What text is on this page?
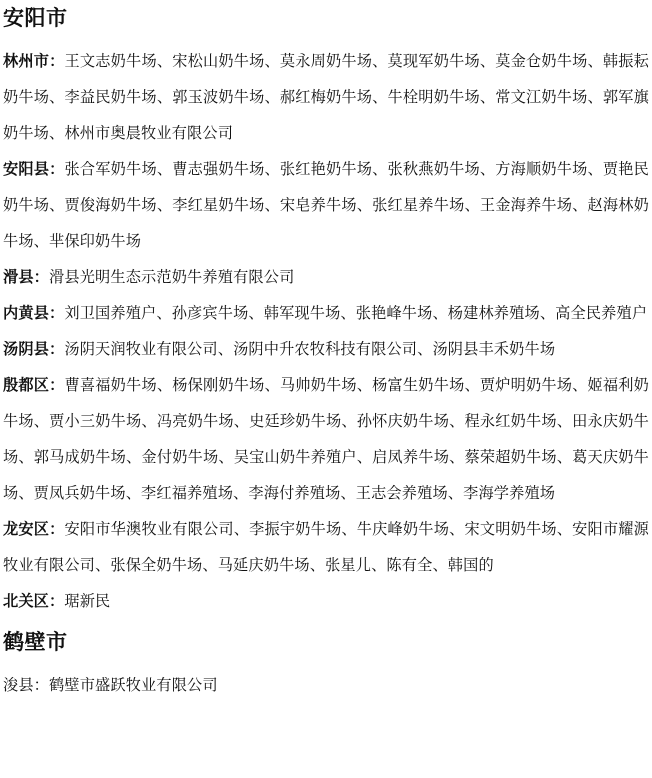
安阳市

林州市：王文志奶牛场、宋松山奶牛场、莫永周奶牛场、莫现军奶牛场、莫金仓奶牛场、韩振耘奶牛场、李益民奶牛场、郭玉波奶牛场、郝红梅奶牛场、牛栓明奶牛场、常文江奶牛场、郭军旗奶牛场、林州市奥晨牧业有限公司

安阳县：张合军奶牛场、曹志强奶牛场、张红艳奶牛场、张秋燕奶牛场、方海顺奶牛场、贾艳民奶牛场、贾俊海奶牛场、李红星奶牛场、宋皂养牛场、张红星养牛场、王金海养牛场、赵海林奶牛场、芈保印奶牛场

滑县：滑县光明生态示范奶牛养殖有限公司

内黄县：刘卫国养殖户、孙彦宾牛场、韩军现牛场、张艳峰牛场、杨建林养殖场、高全民养殖户

汤阴县：汤阴天润牧业有限公司、汤阴中升农牧科技有限公司、汤阴县丰禾奶牛场

殷都区：曹喜福奶牛场、杨保刚奶牛场、马帅奶牛场、杨富生奶牛场、贾炉明奶牛场、姬福利奶牛场、贾小三奶牛场、冯亮奶牛场、史廷珍奶牛场、孙怀庆奶牛场、程永红奶牛场、田永庆奶牛场、郭马成奶牛场、金付奶牛场、吴宝山奶牛养殖户、启凤养牛场、蔡荣超奶牛场、葛天庆奶牛场、贾凤兵奶牛场、李红福养殖场、李海付养殖场、王志会养殖场、李海学养殖场

龙安区：安阳市华澳牧业有限公司、李振宇奶牛场、牛庆峰奶牛场、宋文明奶牛场、安阳市耀源牧业有限公司、张保全奶牛场、马延庆奶牛场、张星儿、陈有全、韩国的

北关区：琚新民

鹤壁市

浚县：鹤壁市盛跃牧业有限公司
